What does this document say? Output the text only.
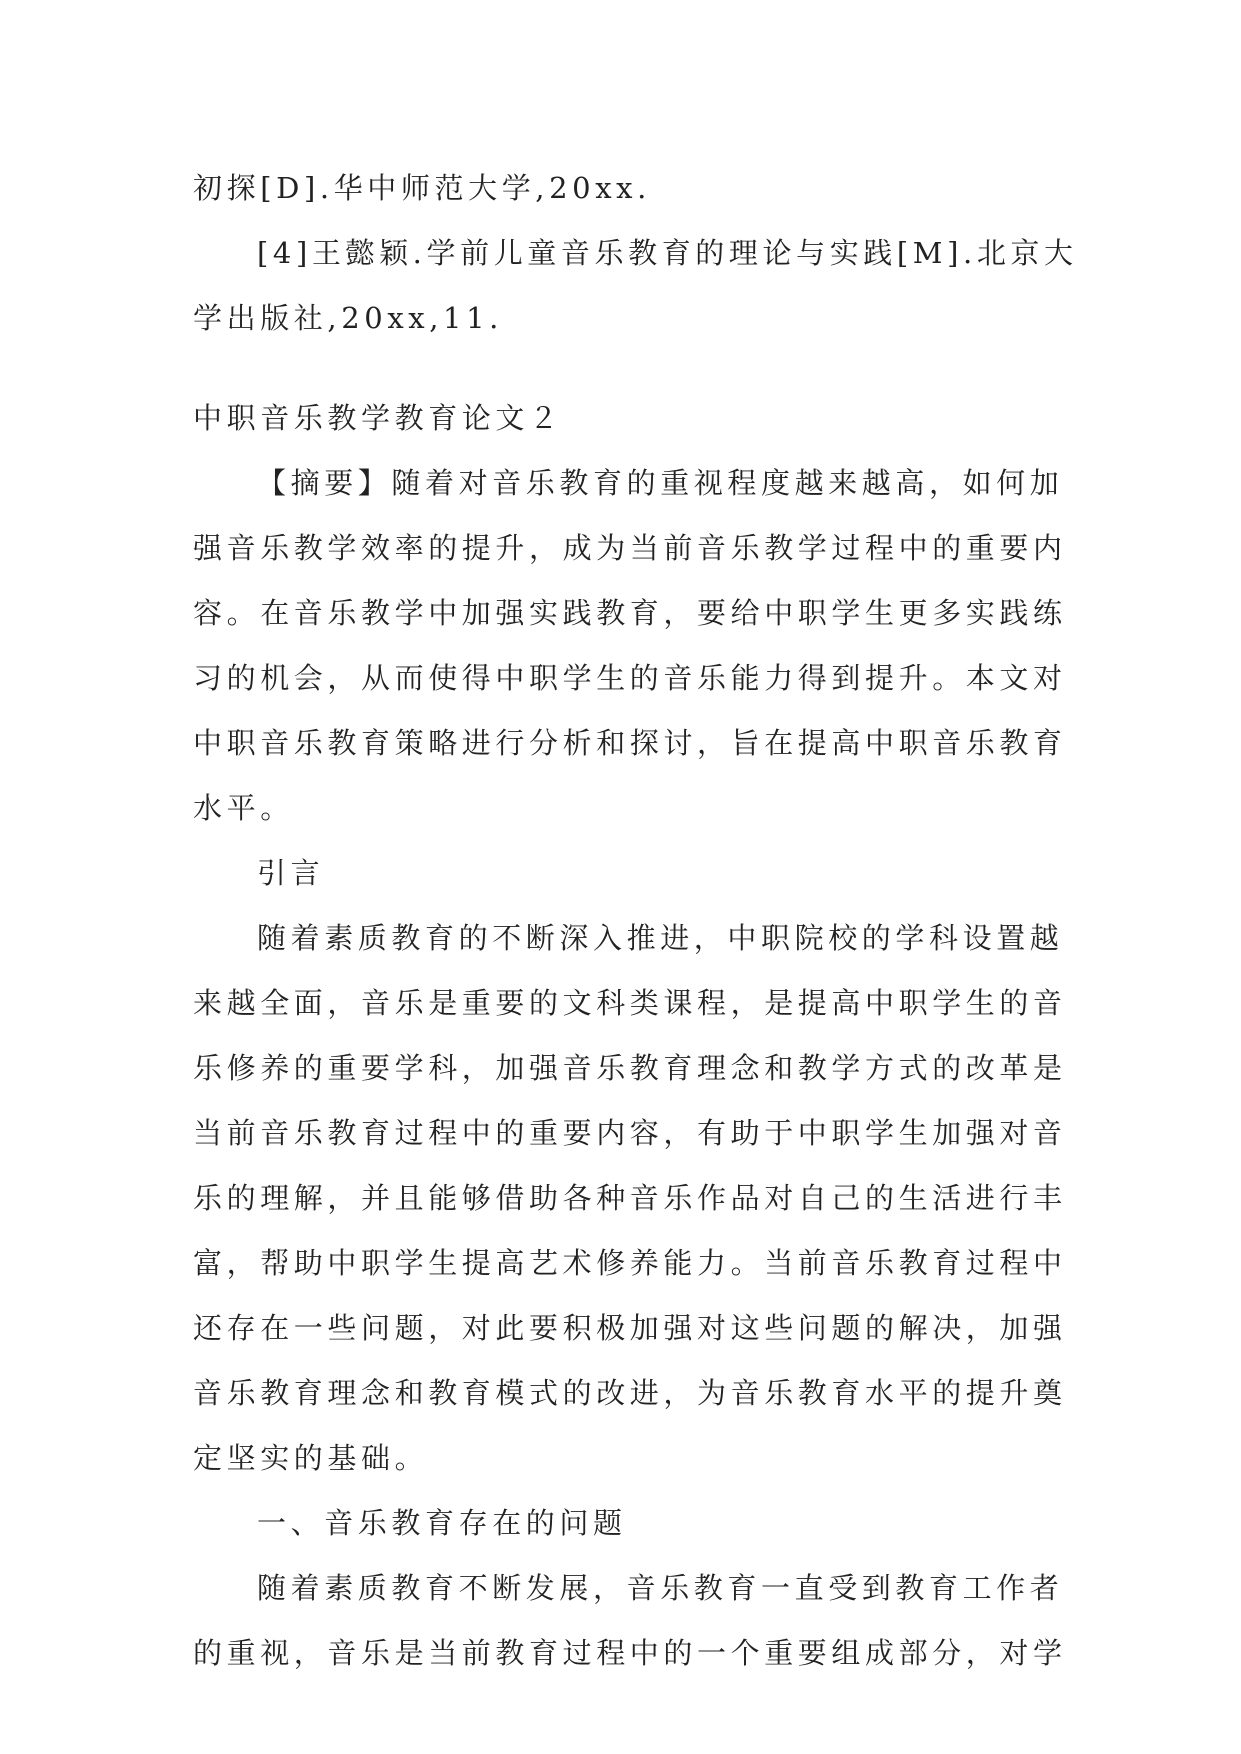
初探[D].华中师范大学,20xx.
[4]王懿颖.学前儿童音乐教育的理论与实践[M].北京大
学出版社,20xx,11.
中职音乐教学教育论文２
【摘要】随着对音乐教育的重视程度越来越高，如何加
强音乐教学效率的提升，成为当前音乐教学过程中的重要内
容。在音乐教学中加强实践教育，要给中职学生更多实践练
习的机会，从而使得中职学生的音乐能力得到提升。本文对
中职音乐教育策略进行分析和探讨，旨在提高中职音乐教育
水平。
引言
随着素质教育的不断深入推进，中职院校的学科设置越
来越全面，音乐是重要的文科类课程，是提高中职学生的音
乐修养的重要学科，加强音乐教育理念和教学方式的改革是
当前音乐教育过程中的重要内容，有助于中职学生加强对音
乐的理解，并且能够借助各种音乐作品对自己的生活进行丰
富，帮助中职学生提高艺术修养能力。当前音乐教育过程中
还存在一些问题，对此要积极加强对这些问题的解决，加强
音乐教育理念和教育模式的改进，为音乐教育水平的提升奠
定坚实的基础。
一、音乐教育存在的问题
随着素质教育不断发展，音乐教育一直受到教育工作者
的重视，音乐是当前教育过程中的一个重要组成部分，对学
